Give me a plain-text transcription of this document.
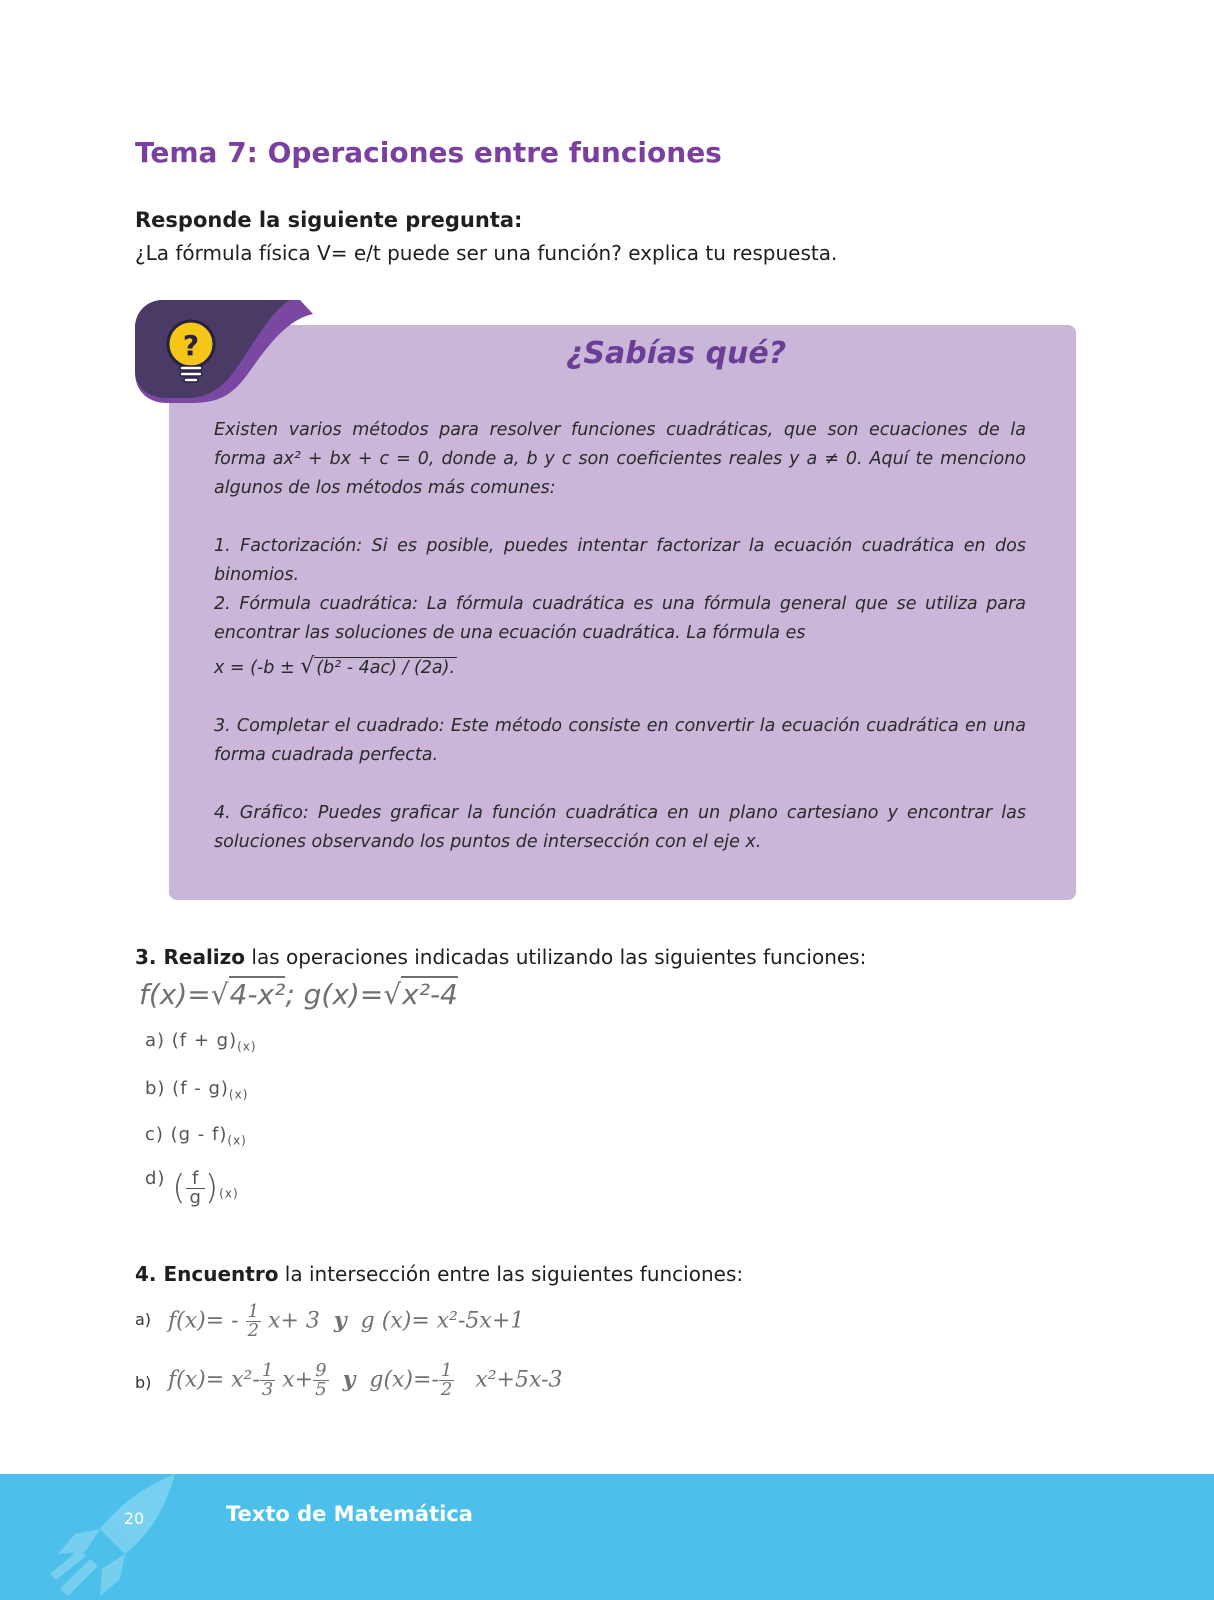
Tema 7: Operaciones entre funciones
Responde la siguiente pregunta:
¿La fórmula física V= e/t puede ser una función? explica tu respuesta.
?	¿Sabías qué?

Existen varios métodos para resolver funciones cuadráticas, que son ecuaciones de la forma ax² + bx + c = 0, donde a, b y c son coeficientes reales y a ≠ 0. Aquí te menciono algunos de los métodos más comunes:

1. Factorización: Si es posible, puedes intentar factorizar la ecuación cuadrática en dos binomios.

2. Fórmula cuadrática: La fórmula cuadrática es una fórmula general que se utiliza para encontrar las soluciones de una ecuación cuadrática. La fórmula es

x = (-b ± √ (b² - 4ac) / (2a).

3. Completar el cuadrado: Este método consiste en convertir la ecuación cuadrática en una forma cuadrada perfecta.

4. Gráfico: Puedes graficar la función cuadrática en un plano cartesiano y encontrar las soluciones observando los puntos de intersección con el eje x.

3. Realizo las operaciones indicadas utilizando las siguientes funciones:
f(x)=√4-x²; g(x)=√x²-4
a) $(f + g)_{(x)}$
b) $(f - g)_{(x)}$
c) $(g - f)_{(x)}$
d) ( $\frac{f}{g} )_{(x)}$
4. Encuentro la intersección entre las siguientes funciones:
a) $f(x)= - \frac{1}{2} x+ 3$ y g (x)= x²-5x+1
b) $f(x)= x^2- \frac{1}{3} x+ \frac{9}{5}$ y $g(x)=- \frac{1}{2} x^2+5x-3$
20	Texto de Matemática
